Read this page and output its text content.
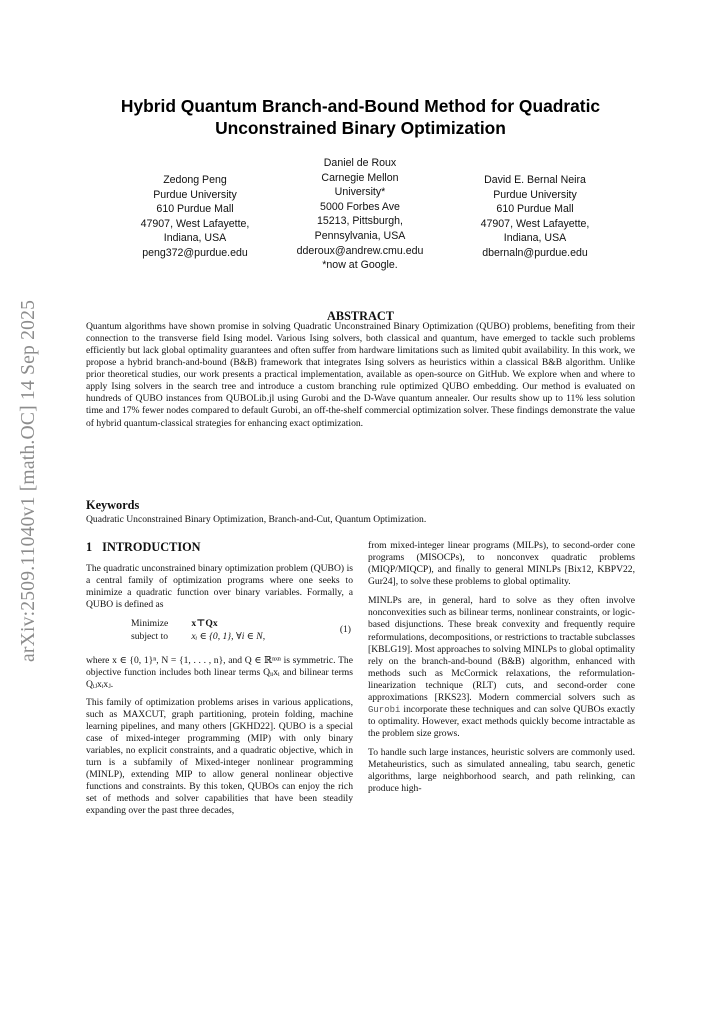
arXiv:2509.11040v1 [math.OC] 14 Sep 2025
Hybrid Quantum Branch-and-Bound Method for Quadratic Unconstrained Binary Optimization
Zedong Peng
Purdue University
610 Purdue Mall
47907, West Lafayette,
Indiana, USA
peng372@purdue.edu
Daniel de Roux
Carnegie Mellon
University*
5000 Forbes Ave
15213, Pittsburgh,
Pennsylvania, USA
dderoux@andrew.cmu.edu
*now at Google.
David E. Bernal Neira
Purdue University
610 Purdue Mall
47907, West Lafayette,
Indiana, USA
dbernaln@purdue.edu
ABSTRACT

Quantum algorithms have shown promise in solving Quadratic Unconstrained Binary Optimization (QUBO) problems, benefiting from their connection to the transverse field Ising model. Various Ising solvers, both classical and quantum, have emerged to tackle such problems efficiently but lack global optimality guarantees and often suffer from hardware limitations such as limited qubit availability. In this work, we propose a hybrid branch-and-bound (B&B) framework that integrates Ising solvers as heuristics within a classical B&B algorithm. Unlike prior theoretical studies, our work presents a practical implementation, available as open-source on GitHub. We explore when and where to apply Ising solvers in the search tree and introduce a custom branching rule optimized QUBO embedding. Our method is evaluated on hundreds of QUBO instances from QUBOLib.jl using Gurobi and the D-Wave quantum annealer. Our results show up to 11% less solution time and 17% fewer nodes compared to default Gurobi, an off-the-shelf commercial optimization solver. These findings demonstrate the value of hybrid quantum-classical strategies for enhancing exact optimization.

Keywords
Quadratic Unconstrained Binary Optimization, Branch-and-Cut, Quantum Optimization.
1 INTRODUCTION

The quadratic unconstrained binary optimization problem (QUBO) is a central family of optimization programs where one seeks to minimize a quadratic function over binary variables. Formally, a QUBO is defined as

Minimize x⊤Qx
subject to xᵢ ∈ {0, 1}, ∀i ∈ N,
(1)

where x ∈ {0, 1}ⁿ, N = {1, . . . , n}, and Q ∈ ℝⁿˣⁿ is symmetric. The objective function includes both linear terms Qᵢᵢxᵢ and bilinear terms Qᵢⱼxᵢxⱼ.

This family of optimization problems arises in various applications, such as MAXCUT, graph partitioning, protein folding, machine learning pipelines, and many others [GKHD22]. QUBO is a special case of mixed-integer programming (MIP) with only binary variables, no explicit constraints, and a quadratic objective, which in turn is a subfamily of Mixed-integer nonlinear programming (MINLP), extending MIP to allow general nonlinear objective functions and constraints. By this token, QUBOs can enjoy the rich set of methods and solver capabilities that have been steadily expanding over the past three decades,

from mixed-integer linear programs (MILPs), to second-order cone programs (MISOCPs), to nonconvex quadratic problems (MIQP/MIQCP), and finally to general MINLPs [Bix12, KBPV22, Gur24], to solve these problems to global optimality.

MINLPs are, in general, hard to solve as they often involve nonconvexities such as bilinear terms, nonlinear constraints, or logic-based disjunctions. These break convexity and frequently require reformulations, decompositions, or restrictions to tractable subclasses [KBLG19]. Most approaches to solving MINLPs to global optimality rely on the branch-and-bound (B&B) algorithm, enhanced with methods such as McCormick relaxations, the reformulation-linearization technique (RLT) cuts, and second-order cone approximations [RKS23]. Modern commercial solvers such as Gurobi incorporate these techniques and can solve QUBOs exactly to optimality. However, exact methods quickly become intractable as the problem size grows.

To handle such large instances, heuristic solvers are commonly used. Metaheuristics, such as simulated annealing, tabu search, genetic algorithms, large neighborhood search, and path relinking, can produce high-
